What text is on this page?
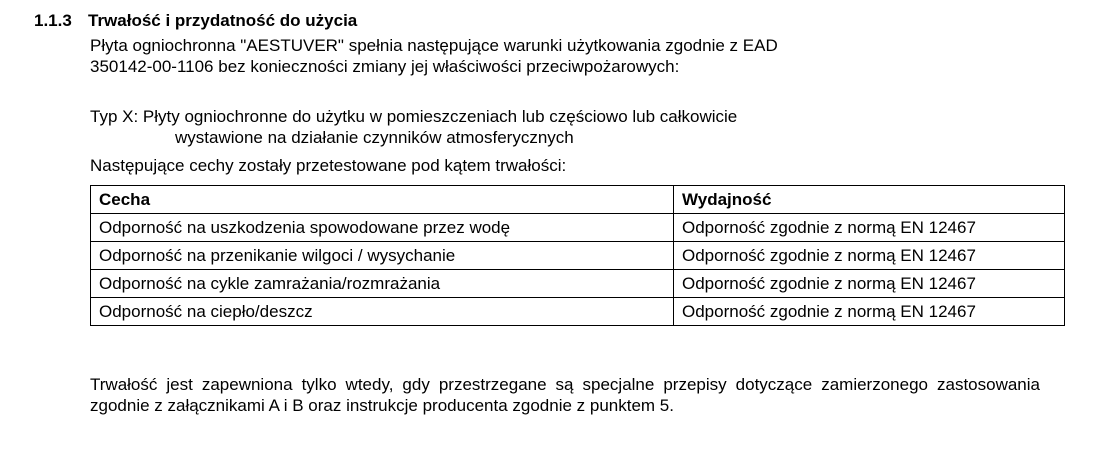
1.1.3 Trwałość i przydatność do użycia
Płyta ogniochronna "AESTUVER" spełnia następujące warunki użytkowania zgodnie z EAD
350142-00-1106 bez konieczności zmiany jej właściwości przeciwpożarowych:
Typ X: Płyty ogniochronne do użytku w pomieszczeniach lub częściowo lub całkowicie
wystawione na działanie czynników atmosferycznych
Następujące cechy zostały przetestowane pod kątem trwałości:
Cecha	Wydajność
Odporność na uszkodzenia spowodowane przez wodę	Odporność zgodnie z normą EN 12467
Odporność na przenikanie wilgoci / wysychanie	Odporność zgodnie z normą EN 12467
Odporność na cykle zamrażania/rozmrażania	Odporność zgodnie z normą EN 12467
Odporność na ciepło/deszcz	Odporność zgodnie z normą EN 12467
Trwałość jest zapewniona tylko wtedy, gdy przestrzegane są specjalne przepisy dotyczące zamierzonego zastosowania zgodnie z załącznikami A i B oraz instrukcje producenta zgodnie z punktem 5.
